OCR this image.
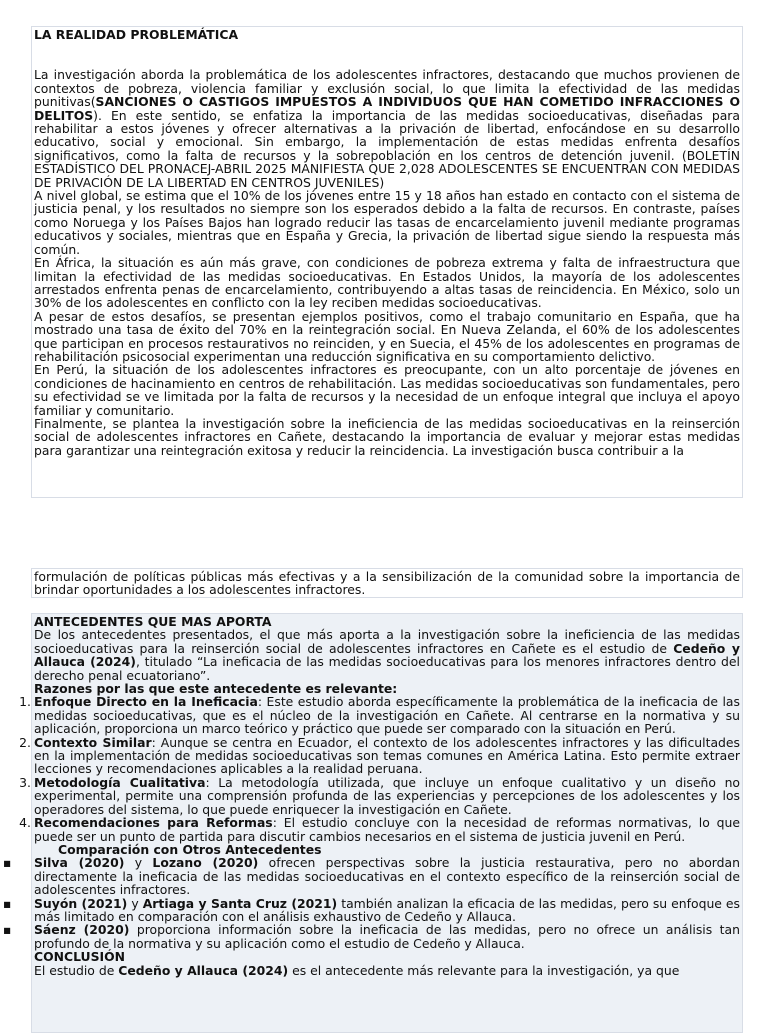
LA REALIDAD PROBLEMÁTICA

La investigación aborda la problemática de los adolescentes infractores, destacando que muchos provienen de contextos de pobreza, violencia familiar y exclusión social, lo que limita la efectividad de las medidas punitivas(SANCIONES O CASTIGOS IMPUESTOS A INDIVIDUOS QUE HAN COMETIDO INFRACCIONES O DELITOS). En este sentido, se enfatiza la importancia de las medidas socioeducativas, diseñadas para rehabilitar a estos jóvenes y ofrecer alternativas a la privación de libertad, enfocándose en su desarrollo educativo, social y emocional. Sin embargo, la implementación de estas medidas enfrenta desafíos significativos, como la falta de recursos y la sobrepoblación en los centros de detención juvenil. (BOLETÍN ESTADÍSTICO DEL PRONACEJ-ABRIL 2025 MANIFIESTA QUE 2,028 ADOLESCENTES SE ENCUENTRAN CON MEDIDAS DE PRIVACIÓN DE LA LIBERTAD EN CENTROS JUVENILES)

A nivel global, se estima que el 10% de los jóvenes entre 15 y 18 años han estado en contacto con el sistema de justicia penal, y los resultados no siempre son los esperados debido a la falta de recursos. En contraste, países como Noruega y los Países Bajos han logrado reducir las tasas de encarcelamiento juvenil mediante programas educativos y sociales, mientras que en España y Grecia, la privación de libertad sigue siendo la respuesta más común.

En África, la situación es aún más grave, con condiciones de pobreza extrema y falta de infraestructura que limitan la efectividad de las medidas socioeducativas. En Estados Unidos, la mayoría de los adolescentes arrestados enfrenta penas de encarcelamiento, contribuyendo a altas tasas de reincidencia. En México, solo un 30% de los adolescentes en conflicto con la ley reciben medidas socioeducativas.

A pesar de estos desafíos, se presentan ejemplos positivos, como el trabajo comunitario en España, que ha mostrado una tasa de éxito del 70% en la reintegración social. En Nueva Zelanda, el 60% de los adolescentes que participan en procesos restaurativos no reinciden, y en Suecia, el 45% de los adolescentes en programas de rehabilitación psicosocial experimentan una reducción significativa en su comportamiento delictivo.

En Perú, la situación de los adolescentes infractores es preocupante, con un alto porcentaje de jóvenes en condiciones de hacinamiento en centros de rehabilitación. Las medidas socioeducativas son fundamentales, pero su efectividad se ve limitada por la falta de recursos y la necesidad de un enfoque integral que incluya el apoyo familiar y comunitario.

Finalmente, se plantea la investigación sobre la ineficiencia de las medidas socioeducativas en la reinserción social de adolescentes infractores en Cañete, destacando la importancia de evaluar y mejorar estas medidas para garantizar una reintegración exitosa y reducir la reincidencia. La investigación busca contribuir a la

formulación de políticas públicas más efectivas y a la sensibilización de la comunidad sobre la importancia de brindar oportunidades a los adolescentes infractores.

ANTECEDENTES QUE MAS APORTA

De los antecedentes presentados, el que más aporta a la investigación sobre la ineficiencia de las medidas socioeducativas para la reinserción social de adolescentes infractores en Cañete es el estudio de Cedeño y Allauca (2024), titulado “La ineficacia de las medidas socioeducativas para los menores infractores dentro del derecho penal ecuatoriano”.

Razones por las que este antecedente es relevante:

1. Enfoque Directo en la Ineficacia: Este estudio aborda específicamente la problemática de la ineficacia de las medidas socioeducativas, que es el núcleo de la investigación en Cañete. Al centrarse en la normativa y su aplicación, proporciona un marco teórico y práctico que puede ser comparado con la situación en Perú.
2. Contexto Similar: Aunque se centra en Ecuador, el contexto de los adolescentes infractores y las dificultades en la implementación de medidas socioeducativas son temas comunes en América Latina. Esto permite extraer lecciones y recomendaciones aplicables a la realidad peruana.
3. Metodología Cualitativa: La metodología utilizada, que incluye un enfoque cualitativo y un diseño no experimental, permite una comprensión profunda de las experiencias y percepciones de los adolescentes y los operadores del sistema, lo que puede enriquecer la investigación en Cañete.
4. Recomendaciones para Reformas: El estudio concluye con la necesidad de reformas normativas, lo que puede ser un punto de partida para discutir cambios necesarios en el sistema de justicia juvenil en Perú.

Comparación con Otros Antecedentes

▪ Silva (2020) y Lozano (2020) ofrecen perspectivas sobre la justicia restaurativa, pero no abordan directamente la ineficacia de las medidas socioeducativas en el contexto específico de la reinserción social de adolescentes infractores.
▪ Suyón (2021) y Artiaga y Santa Cruz (2021) también analizan la eficacia de las medidas, pero su enfoque es más limitado en comparación con el análisis exhaustivo de Cedeño y Allauca.
▪ Sáenz (2020) proporciona información sobre la ineficacia de las medidas, pero no ofrece un análisis tan profundo de la normativa y su aplicación como el estudio de Cedeño y Allauca.

CONCLUSIÓN

El estudio de Cedeño y Allauca (2024) es el antecedente más relevante para la investigación, ya que
